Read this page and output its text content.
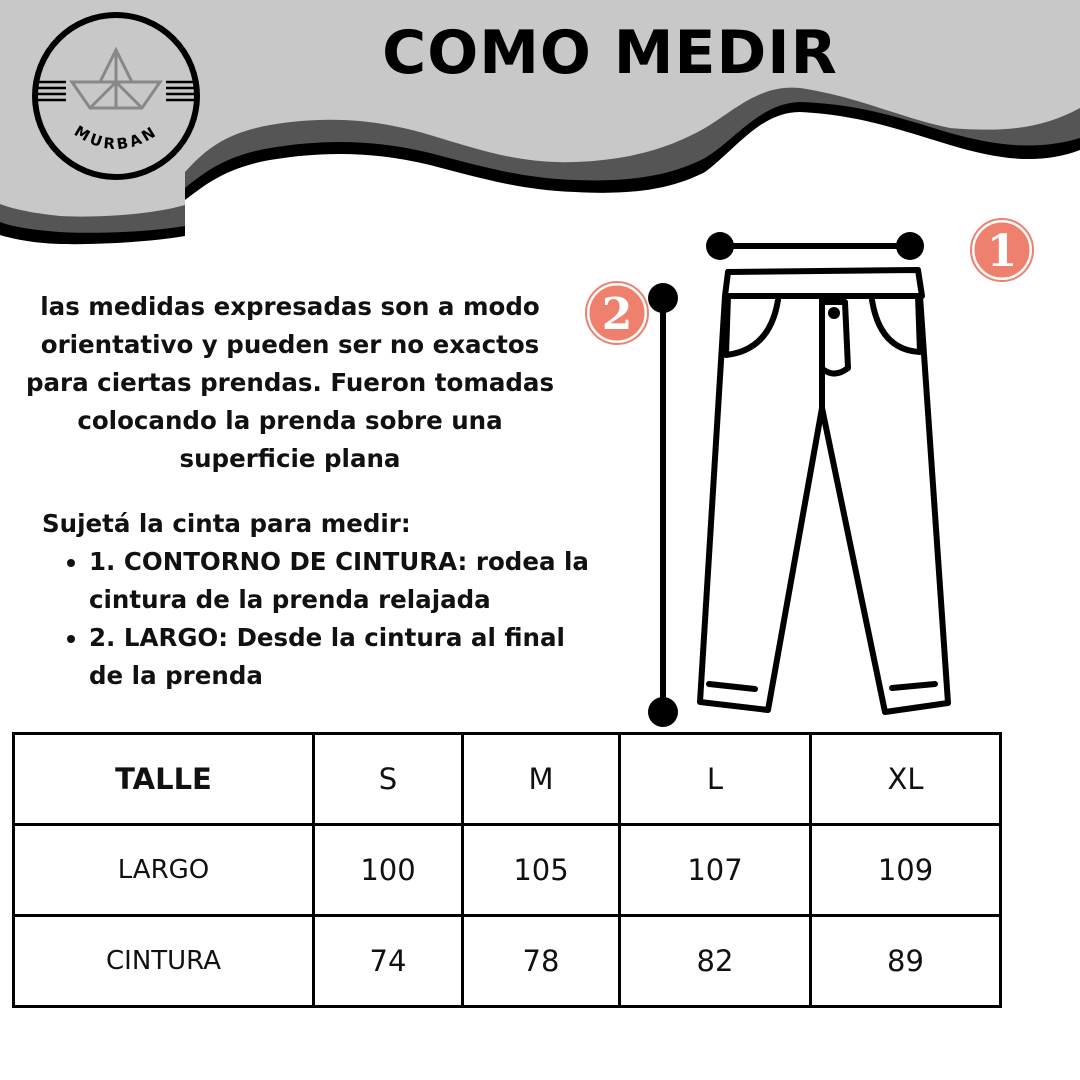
MURBAN
COMO MEDIR
las medidas expresadas son a modo orientativo y pueden ser no exactos para ciertas prendas. Fueron tomadas colocando la prenda sobre una superficie plana
Sujetá la cinta para medir:
• 1. CONTORNO DE CINTURA: rodea la cintura de la prenda relajada
• 2. LARGO: Desde la cintura al final de la prenda
1
2
TALLE	S	M	L	XL
LARGO	100	105	107	109
CINTURA	74	78	82	89
